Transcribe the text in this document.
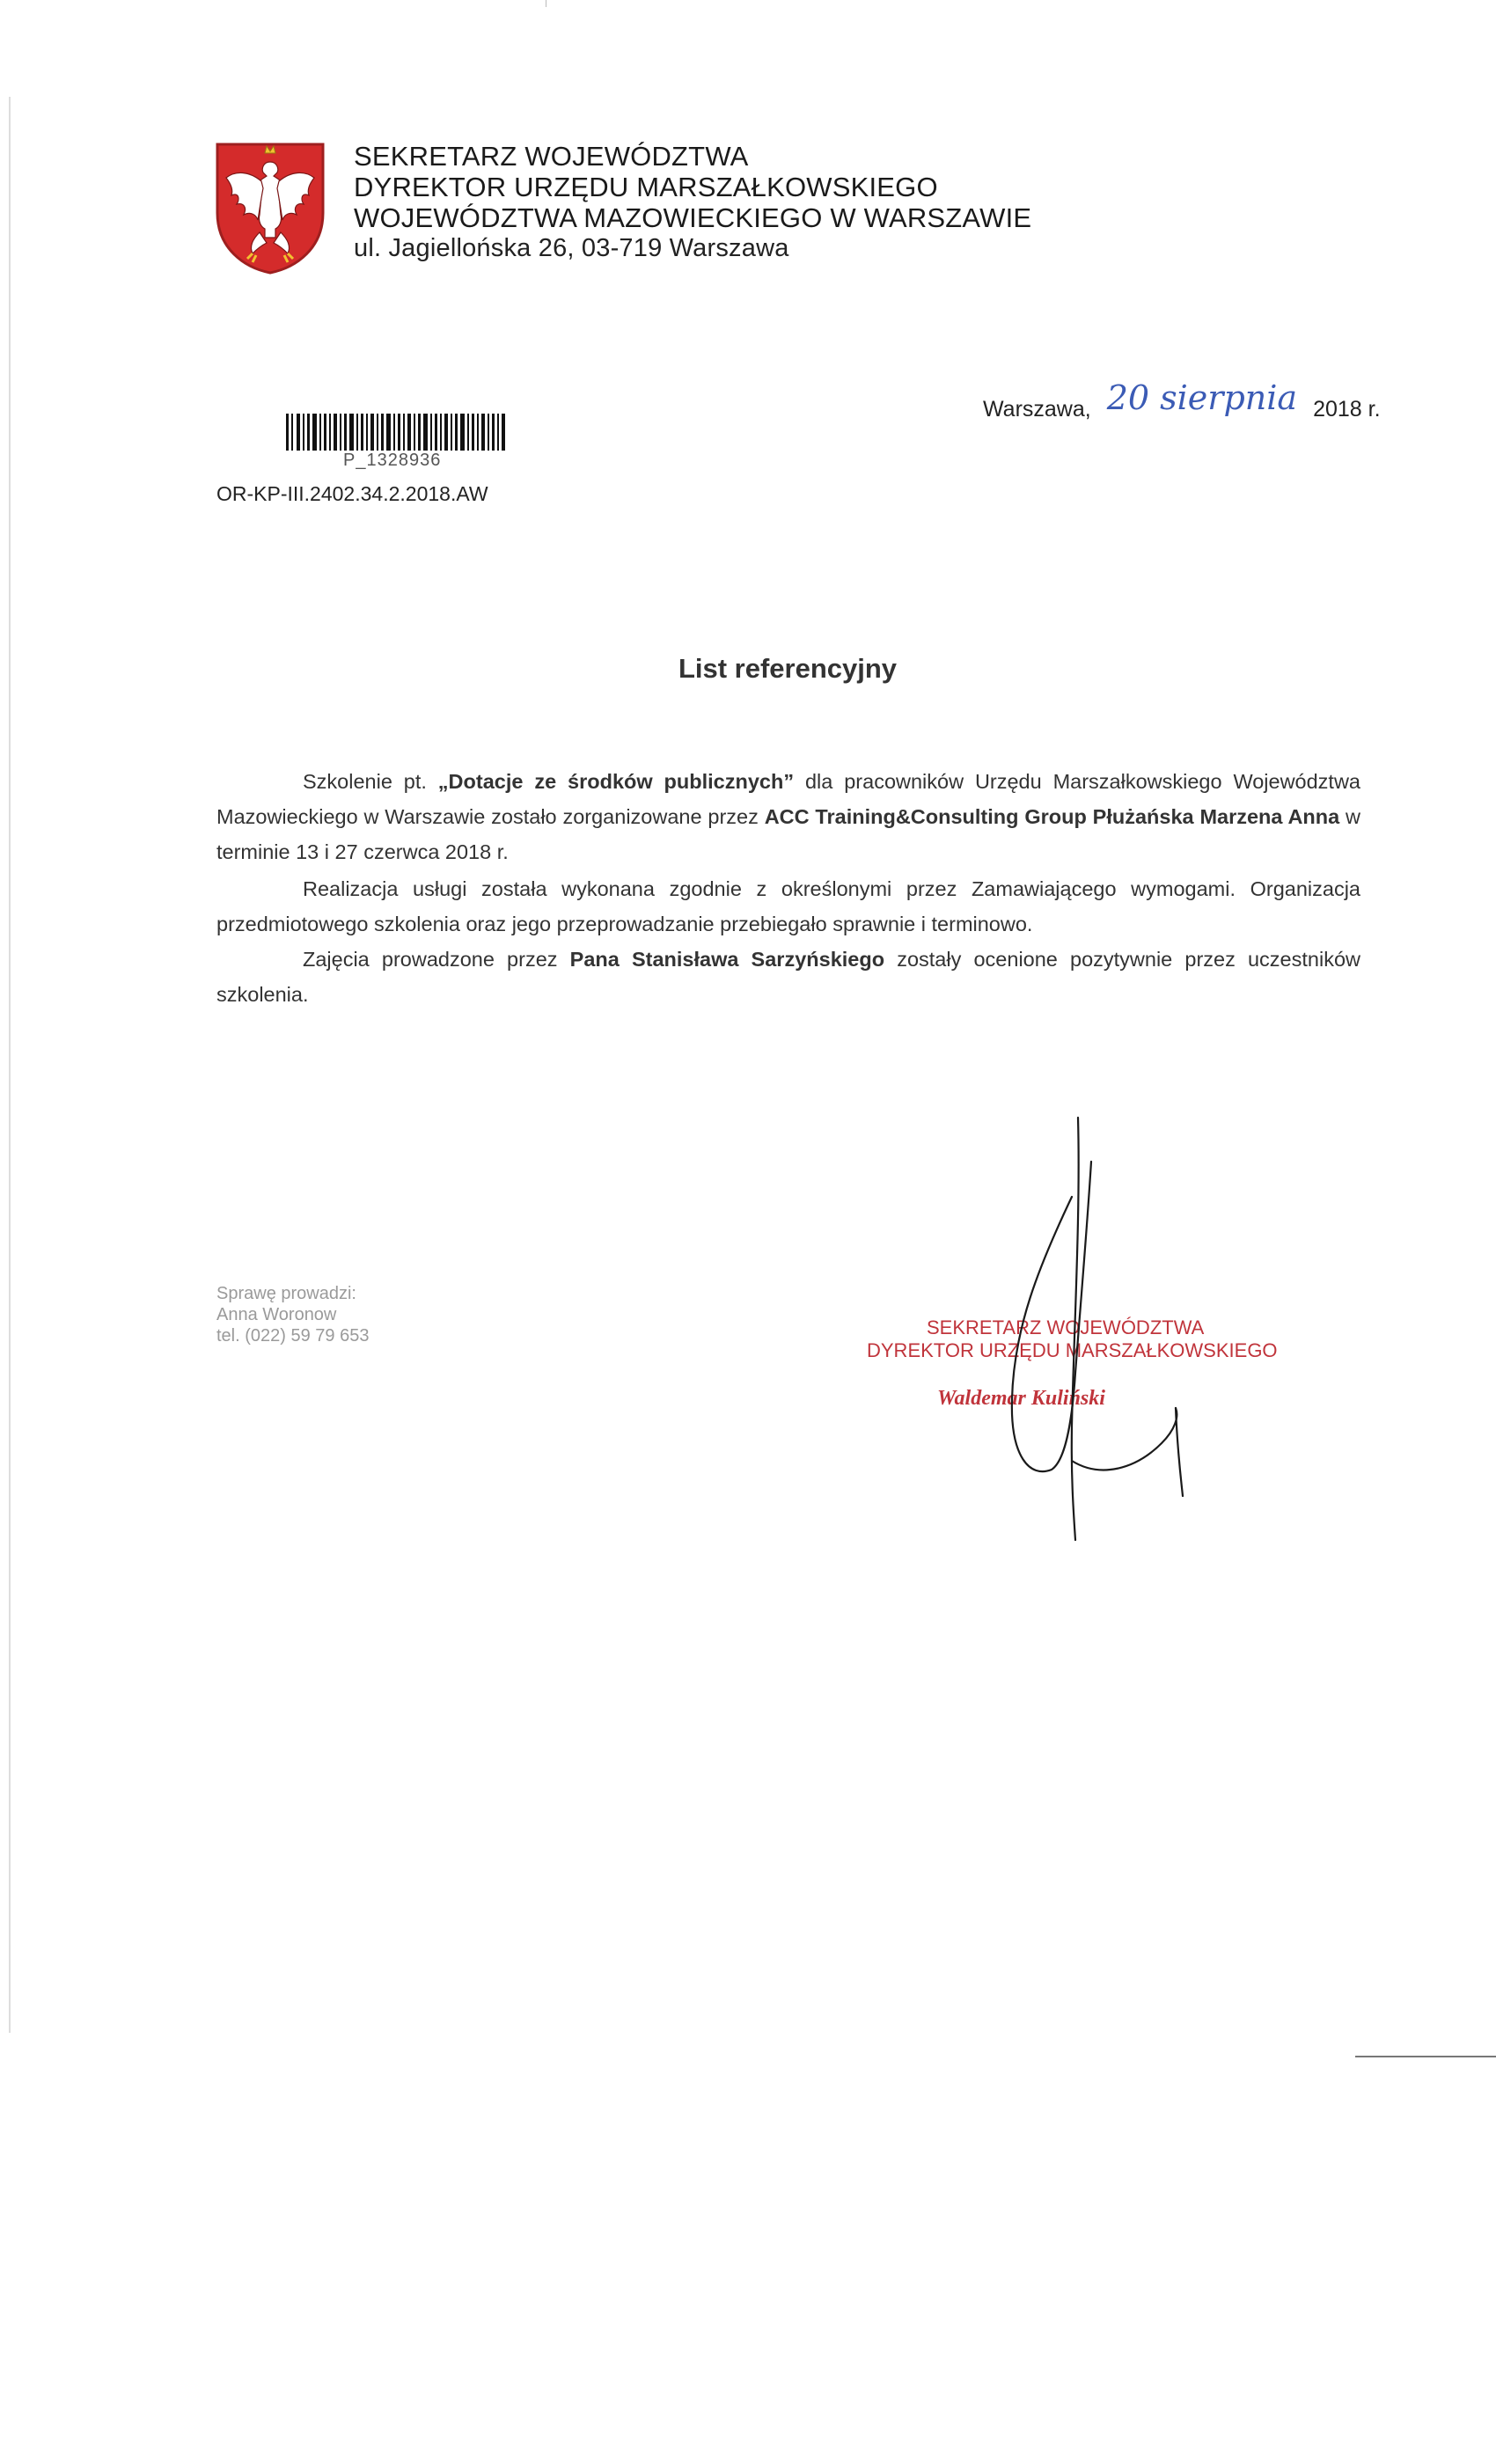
SEKRETARZ WOJEWÓDZTWA
DYREKTOR URZĘDU MARSZAŁKOWSKIEGO
WOJEWÓDZTWA MAZOWIECKIEGO W WARSZAWIE
ul. Jagiellońska 26, 03-719 Warszawa
P_1328936
OR-KP-III.2402.34.2.2018.AW
Warszawa, 20 sierpnia 2018 r.
List referencyjny
Szkolenie pt. „Dotacje ze środków publicznych” dla pracowników Urzędu Marszałkowskiego Województwa Mazowieckiego w Warszawie zostało zorganizowane przez ACC Training&Consulting Group Płużańska Marzena Anna w terminie 13 i 27 czerwca 2018 r.
Realizacja usługi została wykonana zgodnie z określonymi przez Zamawiającego wymogami. Organizacja przedmiotowego szkolenia oraz jego przeprowadzanie przebiegało sprawnie i terminowo.
Zajęcia prowadzone przez Pana Stanisława Sarzyńskiego zostały ocenione pozytywnie przez uczestników szkolenia.
Sprawę prowadzi:
Anna Woronow
tel. (022) 59 79 653	SEKRETARZ WOJEWÓDZTWA
DYREKTOR URZĘDU MARSZAŁKOWSKIEGO
Waldemar Kuliński
